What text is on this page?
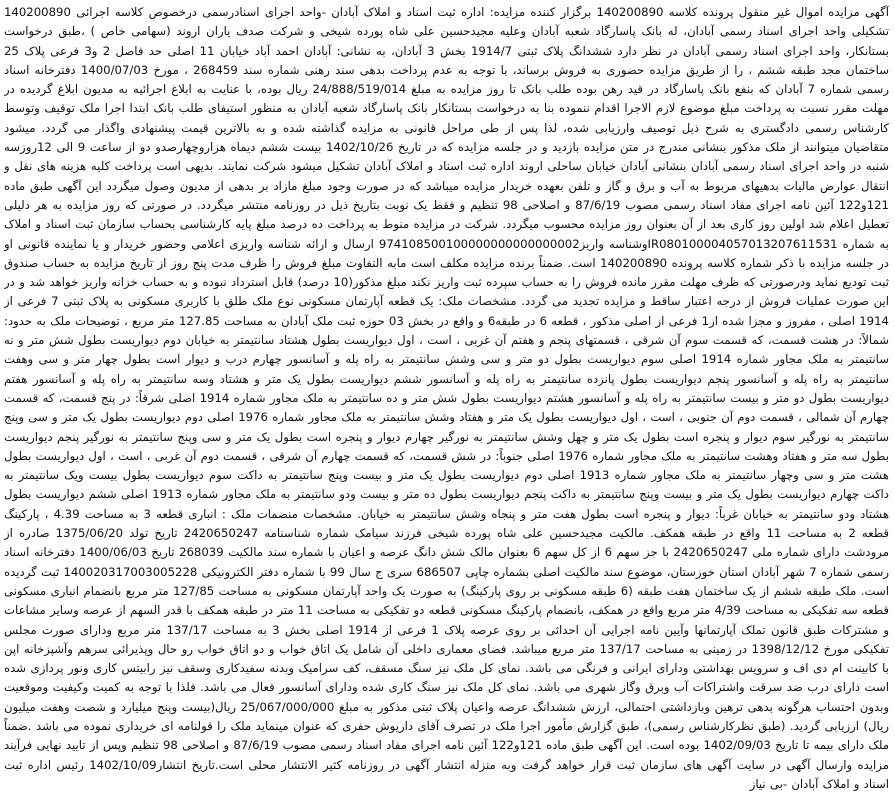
آگهی مزایده اموال غیر منقول پرونده کلاسه 140200890 برگزار کننده مزایده: اداره ثبت اسناد و املاک آبادان -واحد اجرای اسنادرسمی درخصوص کلاسه اجرائی 140200890 تشکیلی واحد اجرای اسناد رسمی آبادان، له بانک پاسارگاد شعبه آبادان وعلیه مجیدحسین علی شاه پورده شیخی و شرکت صدف یاران اروند (سهامی خاص ) ،طبق درخواست بستانکار، واحد اجرای اسناد رسمی آبادان در نظر دارد ششدانگ پلاک ثبتی 1914/7 بخش 3 آبادان، به نشانی: آبادان احمد آباد خیابان 11 اصلی حد فاصل 2 و3 فرعی پلاک 25 ساختمان مجد طبقه ششم ، را از طریق مزایده حضوری به فروش برساند، با توجه به عدم پرداخت بدهی سند رهنی شماره سند 268459 ، مورخ 1400/07/03 دفترخانه اسناد رسمی شماره 7 آبادان که بنفع بانک پاسارگاد در قید رهن بوده طلب بانک تا روز مزایده به مبلغ 24/888/519/014 ریال بوده، با عنایت به ابلاغ اجرائیه به مدیون ابلاغ گردیده در مهلت مقرر نسبت به پرداخت مبلغ موضوع لازم الاجرا اقدام ننموده بنا به درخواست بستانکار بانک پاسارگاد شعبه آبادان به منظور استیفای طلب بانک ابتدا اجرا ملک توقیف وتوسط کارشناس رسمی دادگستری به شرح ذیل توصیف وارزیابی شده، لذا پس از طی مراحل قانونی به مزایده گذاشته شده و به بالاترین قیمت پیشنهادی واگذار می گردد. میشود متقاضیان میتوانند از ملک مذکور بنشانی مندرج در متن مزایده بازدید و در جلسه مزایده که در تاریخ 1402/10/26 بیست ششم دیماه هزاروچهارصدو دو از ساعت 9 الی 12روزسه شنبه در واحد اجرای اسناد رسمی آبادان بنشانی آبادان خیابان ساحلی اروند اداره ثبت اسناد و املاک آبادان تشکیل میشود شرکت نمایند. بدیهی است پرداخت کلیه هزینه های نقل و انتقال عوارض مالیات بدهیهای مربوط به آب و برق و گاز و تلفن بعهده خریدار مزایده میباشد که در صورت وجود مبلغ مازاد بر بدهی از مدیون وصول میگردد این آگهی طبق ماده 121و122 آئین نامه اجرای مفاد اسناد رسمی مصوب 87/6/19 و اصلاحی 98 تنظیم و فقط یک نوبت بتاریخ ذیل در روزنامه منتشر میگردد. در صورتی که روز مزایده به هر دلیلی تعطیل اعلام شد اولین روز کاری بعد از آن بعنوان روز مزایده محسوب میگردد. شرکت در مزایده منوط به پرداخت ده درصد مبلغ پایه کارشناسی بحساب سازمان ثبت اسناد و املاک به شماره IR080100004057013207611531وشناسه واریز974108500100000000000000002 ارسال و ارائه شناسه واریزی اعلامی وحضور خریدار و یا نماینده قانونی او در جلسه مزایده با ذکر شماره کلاسه پرونده 140200890 است. ضمناً برنده مزایده مکلف است مابه التفاوت مبلغ فروش را ظرف مدت پنج روز از تاریخ مزایده به حساب صندوق ثبت تودیع نماید ودرصورتی که ظرف مهلت مقرر مانده فروش را به حساب سپرده ثبت واریز نکند مبلغ مذکور(10 درصد) قابل استرداد نبوده و به حساب خزانه واریز خواهد شد و در این صورت عملیات فروش از درجه اعتبار ساقط و مزایده تجدید می گردد. مشخصات ملک: یک قطعه آپارتمان مسکونی نوع ملک طلق با کاربری مسکونی به پلاک ثبتی 7 فرعی از 1914 اصلی ، مفروز و مجزا شده از1 فرعی از اصلی مذکور ، قطعه 6 در طبقه6 و واقع در بخش 03 حوزه ثبت ملک آبادان به مساحت 127.85 متر مربع ، توضیحات ملک به حدود: شمالاً: در هشت قسمت، که قسمت سوم آن شرقی ، قسمتهای پنجم و هفتم آن غربی ، است ، اول دیواریست بطول هشتاد سانتیمتر به خیابان دوم دیواریست بطول شش متر و نه سانتیمتر به ملک مجاور شماره 1914 اصلی سوم دیواریست بطول دو متر و سی وشش سانتیمتر به راه پله و آسانسور چهارم درب و دیوار است بطول چهار متر و سی وهفت سانتیمتر به راه پله و آسانسور پنجم دیواریست بطول پانزده سانتیمتر به راه پله و آسانسور ششم دیواریست بطول یک متر و هشتاد وسه سانتیمتر به راه پله و آسانسور هفتم دیواریست بطول دو متر و بیست سانتیمتر به راه پله و آسانسور هشتم دیواریست بطول شش متر و ده سانتیمتر به ملک مجاور شماره 1914 اصلی شرقاً: در پنج قسمت، که قسمت چهارم آن شمالی ، قسمت دوم آن جنوبی ، است ، اول دیواریست بطول یک متر و هفتاد وشش سانتیمتر به ملک مجاور شماره 1976 اصلی دوم دیواریست بطول یک متر و سی وپنج سانتیمتر به نورگیر سوم دیوار و پنجره است بطول یک متر و چهل وشش سانتیمتر به نورگیر چهارم دیوار و پنجره است بطول یک متر و سی وپنج سانتیمتر به نورگیر پنجم دیواریست بطول سه متر و هفتاد وهشت سانتیمتر به ملک مجاور شماره 1976 اصلی جنوباً: در شش قسمت، که قسمت چهارم آن شرقی ، قسمت دوم آن غربی ، است ، اول دیواریست بطول هشت متر و سی وچهار سانتیمتر به ملک مجاور شماره 1913 اصلی دوم دیواریست بطول یک متر و بیست وپنج سانتیمتر به داکت سوم دیواریست بطول بیست ویک سانتیمتر به داکت چهارم دیواریست بطول یک متر و بیست وپنج سانتیمتر به داکت پنجم دیواریست بطول ده متر و بیست ودو سانتیمتر به ملک مجاور شماره 1913 اصلی ششم دیواریست بطول هشتاد ودو سانتیمتر به خیابان غرباً: دیوار و پنجره است بطول هفت متر و پنجاه وشش سانتیمتر به خیابان. مشخصات منضمات ملک : انباری قطعه 3 به مساحت 4.39 ، پارکینگ قطعه 2 به مساحت 11 واقع در طبقه همکف. مالکیت مجیدحسین علی شاه پورده شیخی فرزند سیامک شماره شناسنامه 2420650247 تاریخ تولد 1375/06/20 صادره از مرودشت دارای شماره ملی 2420650247 با جز سهم 6 از کل سهم 6 بعنوان مالک شش دانگ عرصه و اعیان با شماره سند مالکیت 268039 تاریخ 1400/06/03 دفترخانه اسناد رسمی شماره 7 شهر آبادان استان خوزستان، موضوع سند مالکیت اصلی بشماره چاپی 686507 سری ج سال 99 با شماره دفتر الکترونیکی 140020317003005228 ثبت گردیده است. ملک طبقه ششم از یک ساختمان هفت طبقه (6 طبقه مسکونی بر روی پارکینگ) به صورت یک واحد آپارتمان مسکونی به مساحت 127/85 متر مربع بانضمام انباری مسکونی قطعه سه تفکیکی به مساحت 4/39 متر مربع واقع در همکف، بانضمام پارکینگ مسکونی قطعه دو تفکیکی به مساحت 11 متر در طبقه همکف با قدر السهم از عرصه وسایر مشاعات و مشترکات طبق قانون تملک آپارتمانها وآیین نامه اجرایی آن احداثی بر روی عرصه پلاک 1 فرعی از 1914 اصلی بخش 3 به مساحت 137/17 متر مربع ودارای صورت مجلس تفکیکی مورخ 1398/12/12 در زمینی به مساحت 137/17 متر مربع میباشد. فضای معماری داخلی آن شامل یک اتاق خواب و دو اتاق خواب رو حال وپذیرائی سرهم وآشپزخانه اپن با کابینت ام دی اف و سرویس بهداشتی ودارای ایرانی و فرنگی می باشد. نمای کل ملک نیز سنگ مسقف، کف سرامیک وبدنه سفیدکاری وسقف نیز رابیتس کاری ونور پردازی شده است دارای درب ضد سرقت واشتراکات آب وبرق وگاز شهری می باشد. نمای کل ملک نیز سنگ کاری شده ودارای آسانسور فعال می باشد. فلذا با توجه به کمیت وکیفیت وموقعیت وبدون احتساب هرگونه بدهی ترهین وبازداشتی احتمالی، ارزش ششدانگ عرصه واعیان پلاک ثبتی مذکور به مبلغ 25/067/000/000 ریال(بیست وپنج میلیارد و شصت وهفت میلیون ریال) ارزیابی گردید. (طبق نظرکارشناس رسمی)، طبق گزارش مأمور اجرا ملک در تصرف آقای داریوش حفری که عنوان مینماید ملک را قولنامه ای خریداری نموده می باشد .ضمناً ملک دارای بیمه تا تاریخ 1402/09/03 بوده است. این آگهی طبق ماده 121و122 آئین نامه اجرای مفاد اسناد رسمی مصوب 87/6/19 و اصلاحی 98 تنظیم وپس از تایید نهایی فرآیند مزایده وارسال آگهی در سایت آگهی های سازمان ثبت قرار خواهد گرفت وبه منزله انتشار آگهی در روزنامه کثیر الانتشار محلی است.تاریخ انتشار1402/10/09 رئیس اداره ثبت اسناد و املاک آبادان -بی نیاز
